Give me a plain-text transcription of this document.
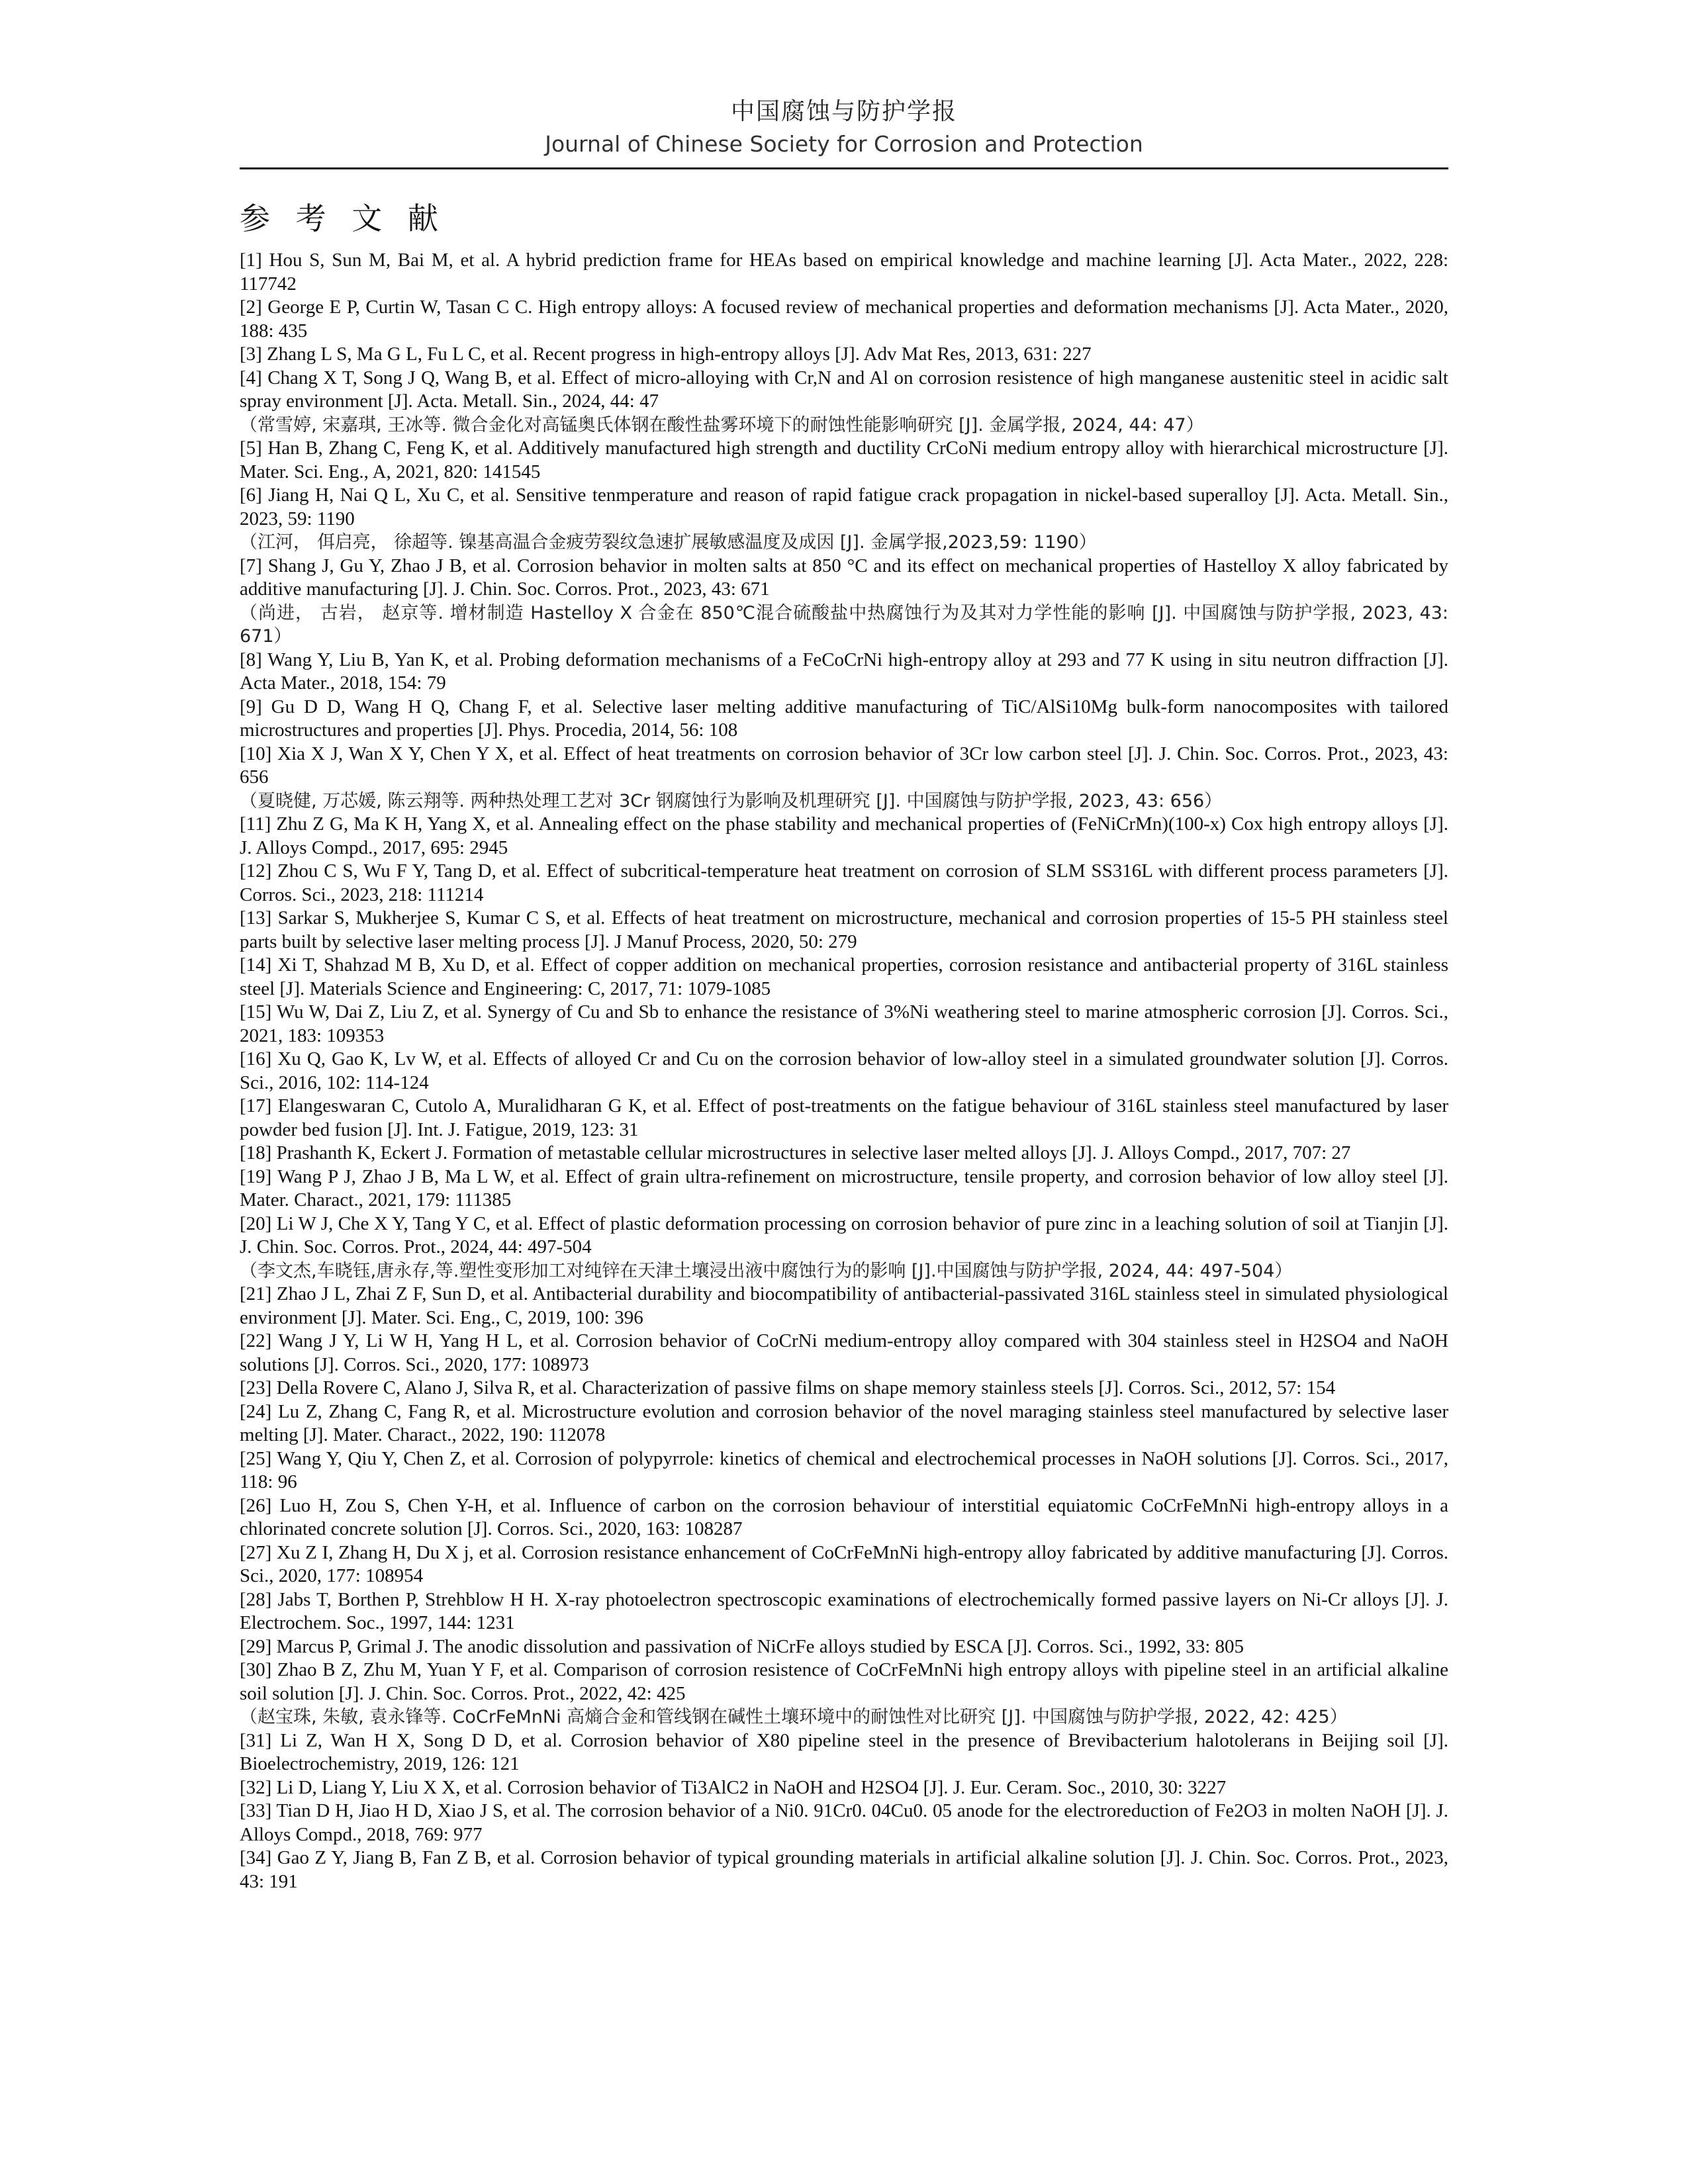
中国腐蚀与防护学报
Journal of Chinese Society for Corrosion and Protection
参 考 文 献

[1] Hou S, Sun M, Bai M, et al. A hybrid prediction frame for HEAs based on empirical knowledge and machine learning [J]. Acta Mater., 2022, 228: 117742

[2] George E P, Curtin W, Tasan C C. High entropy alloys: A focused review of mechanical properties and deformation mechanisms [J]. Acta Mater., 2020, 188: 435

[3] Zhang L S, Ma G L, Fu L C, et al. Recent progress in high-entropy alloys [J]. Adv Mat Res, 2013, 631: 227

[4] Chang X T, Song J Q, Wang B, et al. Effect of micro-alloying with Cr,N and Al on corrosion resistence of high manganese austenitic steel in acidic salt spray environment [J]. Acta. Metall. Sin., 2024, 44: 47

（常雪婷, 宋嘉琪, 王冰等. 微合金化对高锰奥氏体钢在酸性盐雾环境下的耐蚀性能影响研究 [J]. 金属学报, 2024, 44: 47）

[5] Han B, Zhang C, Feng K, et al. Additively manufactured high strength and ductility CrCoNi medium entropy alloy with hierarchical microstructure [J]. Mater. Sci. Eng., A, 2021, 820: 141545

[6] Jiang H, Nai Q L, Xu C, et al. Sensitive tenmperature and reason of rapid fatigue crack propagation in nickel-based superalloy [J]. Acta. Metall. Sin., 2023, 59: 1190

（江河， 佴启亮， 徐超等. 镍基高温合金疲劳裂纹急速扩展敏感温度及成因 [J]. 金属学报,2023,59: 1190）

[7] Shang J, Gu Y, Zhao J B, et al. Corrosion behavior in molten salts at 850 °C and its effect on mechanical properties of Hastelloy X alloy fabricated by additive manufacturing [J]. J. Chin. Soc. Corros. Prot., 2023, 43: 671

（尚进， 古岩， 赵京等. 增材制造 Hastelloy X 合金在 850℃混合硫酸盐中热腐蚀行为及其对力学性能的影响 [J]. 中国腐蚀与防护学报, 2023, 43: 671）

[8] Wang Y, Liu B, Yan K, et al. Probing deformation mechanisms of a FeCoCrNi high-entropy alloy at 293 and 77 K using in situ neutron diffraction [J]. Acta Mater., 2018, 154: 79

[9] Gu D D, Wang H Q, Chang F, et al. Selective laser melting additive manufacturing of TiC/AlSi10Mg bulk-form nanocomposites with tailored microstructures and properties [J]. Phys. Procedia, 2014, 56: 108

[10] Xia X J, Wan X Y, Chen Y X, et al. Effect of heat treatments on corrosion behavior of 3Cr low carbon steel [J]. J. Chin. Soc. Corros. Prot., 2023, 43: 656

（夏晓健, 万芯媛, 陈云翔等. 两种热处理工艺对 3Cr 钢腐蚀行为影响及机理研究 [J]. 中国腐蚀与防护学报, 2023, 43: 656）

[11] Zhu Z G, Ma K H, Yang X, et al. Annealing effect on the phase stability and mechanical properties of (FeNiCrMn)(100-x) Cox high entropy alloys [J]. J. Alloys Compd., 2017, 695: 2945

[12] Zhou C S, Wu F Y, Tang D, et al. Effect of subcritical-temperature heat treatment on corrosion of SLM SS316L with different process parameters [J]. Corros. Sci., 2023, 218: 111214

[13] Sarkar S, Mukherjee S, Kumar C S, et al. Effects of heat treatment on microstructure, mechanical and corrosion properties of 15-5 PH stainless steel parts built by selective laser melting process [J]. J Manuf Process, 2020, 50: 279

[14] Xi T, Shahzad M B, Xu D, et al. Effect of copper addition on mechanical properties, corrosion resistance and antibacterial property of 316L stainless steel [J]. Materials Science and Engineering: C, 2017, 71: 1079-1085

[15] Wu W, Dai Z, Liu Z, et al. Synergy of Cu and Sb to enhance the resistance of 3%Ni weathering steel to marine atmospheric corrosion [J]. Corros. Sci., 2021, 183: 109353

[16] Xu Q, Gao K, Lv W, et al. Effects of alloyed Cr and Cu on the corrosion behavior of low-alloy steel in a simulated groundwater solution [J]. Corros. Sci., 2016, 102: 114-124

[17] Elangeswaran C, Cutolo A, Muralidharan G K, et al. Effect of post-treatments on the fatigue behaviour of 316L stainless steel manufactured by laser powder bed fusion [J]. Int. J. Fatigue, 2019, 123: 31

[18] Prashanth K, Eckert J. Formation of metastable cellular microstructures in selective laser melted alloys [J]. J. Alloys Compd., 2017, 707: 27

[19] Wang P J, Zhao J B, Ma L W, et al. Effect of grain ultra-refinement on microstructure, tensile property, and corrosion behavior of low alloy steel [J]. Mater. Charact., 2021, 179: 111385

[20] Li W J, Che X Y, Tang Y C, et al. Effect of plastic deformation processing on corrosion behavior of pure zinc in a leaching solution of soil at Tianjin [J]. J. Chin. Soc. Corros. Prot., 2024, 44: 497-504

（李文杰,车晓钰,唐永存,等.塑性变形加工对纯锌在天津土壤浸出液中腐蚀行为的影响 [J].中国腐蚀与防护学报, 2024, 44: 497-504）

[21] Zhao J L, Zhai Z F, Sun D, et al. Antibacterial durability and biocompatibility of antibacterial-passivated 316L stainless steel in simulated physiological environment [J]. Mater. Sci. Eng., C, 2019, 100: 396

[22] Wang J Y, Li W H, Yang H L, et al. Corrosion behavior of CoCrNi medium-entropy alloy compared with 304 stainless steel in H2SO4 and NaOH solutions [J]. Corros. Sci., 2020, 177: 108973

[23] Della Rovere C, Alano J, Silva R, et al. Characterization of passive films on shape memory stainless steels [J]. Corros. Sci., 2012, 57: 154

[24] Lu Z, Zhang C, Fang R, et al. Microstructure evolution and corrosion behavior of the novel maraging stainless steel manufactured by selective laser melting [J]. Mater. Charact., 2022, 190: 112078

[25] Wang Y, Qiu Y, Chen Z, et al. Corrosion of polypyrrole: kinetics of chemical and electrochemical processes in NaOH solutions [J]. Corros. Sci., 2017, 118: 96

[26] Luo H, Zou S, Chen Y-H, et al. Influence of carbon on the corrosion behaviour of interstitial equiatomic CoCrFeMnNi high-entropy alloys in a chlorinated concrete solution [J]. Corros. Sci., 2020, 163: 108287

[27] Xu Z I, Zhang H, Du X j, et al. Corrosion resistance enhancement of CoCrFeMnNi high-entropy alloy fabricated by additive manufacturing [J]. Corros. Sci., 2020, 177: 108954

[28] Jabs T, Borthen P, Strehblow H H. X-ray photoelectron spectroscopic examinations of electrochemically formed passive layers on Ni-Cr alloys [J]. J. Electrochem. Soc., 1997, 144: 1231

[29] Marcus P, Grimal J. The anodic dissolution and passivation of NiCrFe alloys studied by ESCA [J]. Corros. Sci., 1992, 33: 805

[30] Zhao B Z, Zhu M, Yuan Y F, et al. Comparison of corrosion resistence of CoCrFeMnNi high entropy alloys with pipeline steel in an artificial alkaline soil solution [J]. J. Chin. Soc. Corros. Prot., 2022, 42: 425

（赵宝珠, 朱敏, 袁永锋等. CoCrFeMnNi 高熵合金和管线钢在碱性土壤环境中的耐蚀性对比研究 [J]. 中国腐蚀与防护学报, 2022, 42: 425）

[31] Li Z, Wan H X, Song D D, et al. Corrosion behavior of X80 pipeline steel in the presence of Brevibacterium halotolerans in Beijing soil [J]. Bioelectrochemistry, 2019, 126: 121

[32] Li D, Liang Y, Liu X X, et al. Corrosion behavior of Ti3AlC2 in NaOH and H2SO4 [J]. J. Eur. Ceram. Soc., 2010, 30: 3227

[33] Tian D H, Jiao H D, Xiao J S, et al. The corrosion behavior of a Ni0. 91Cr0. 04Cu0. 05 anode for the electroreduction of Fe2O3 in molten NaOH [J]. J. Alloys Compd., 2018, 769: 977

[34] Gao Z Y, Jiang B, Fan Z B, et al. Corrosion behavior of typical grounding materials in artificial alkaline solution [J]. J. Chin. Soc. Corros. Prot., 2023, 43: 191
